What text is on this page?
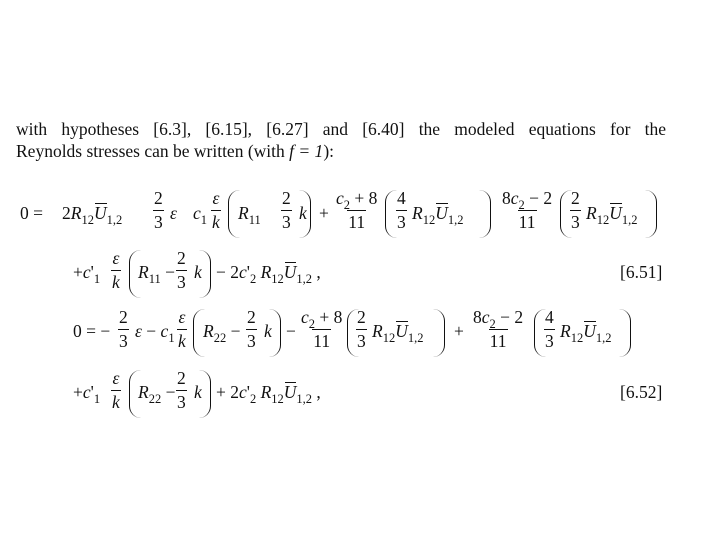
with hypotheses [6.3], [6.15], [6.27] and [6.40] the modeled equations for the
Reynolds stresses can be written (with f = 1):
$0 = 2R_{12}U_{1,2} \frac{2}{3}$ ε $c_1 \frac{\varepsilon}{k} R_{11} \frac{2}{3}$ $k + \frac{c_2 + 8}{11} \frac{4}{3} R_{12}U_{1,2} \frac{8c_2 - 2}{11} \frac{2}{3} R_{12}U_{1,2}$
$+c'_1 \frac{\varepsilon}{k} R_{11} - \frac{2}{3}$ $k - 2c'_2$ $R_{12}U_{1,2}$ ,	[6.51]
0 = − $\frac{2}{3}$ $\varepsilon - c_1 \frac{\varepsilon}{k} R_{22} - \frac{2}{3}$ $k - \frac{c_2 + 8}{11} \frac{2}{3} R_{12}U_{1,2} + \frac{8c_2 - 2}{11} \frac{4}{3} R_{12}U_{1,2}$
$+c'_1 \frac{\varepsilon}{k} R_{22} - \frac{2}{3}$ $k + 2c'_2$ $R_{12}U_{1,2}$ ,	[6.52]
